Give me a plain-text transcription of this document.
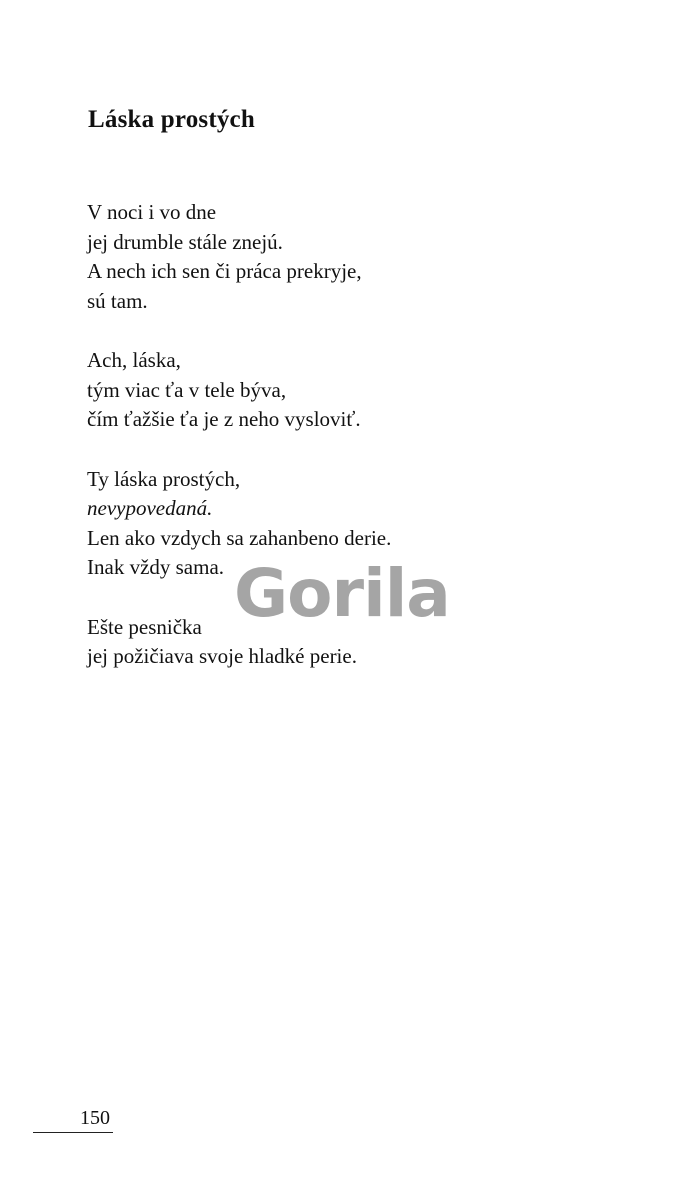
Láska prostých
V noci i vo dne
jej drumble stále znejú.
A nech ich sen či práca prekryje,
sú tam.
Ach, láska,
tým viac ťa v tele býva,
čím ťažšie ťa je z neho vysloviť.
Ty láska prostých,
nevypovedaná.
Len ako vzdych sa zahanbeno derie.
Inak vždy sama.
Ešte pesnička
jej požičiava svoje hladké perie.
Gorila
150
